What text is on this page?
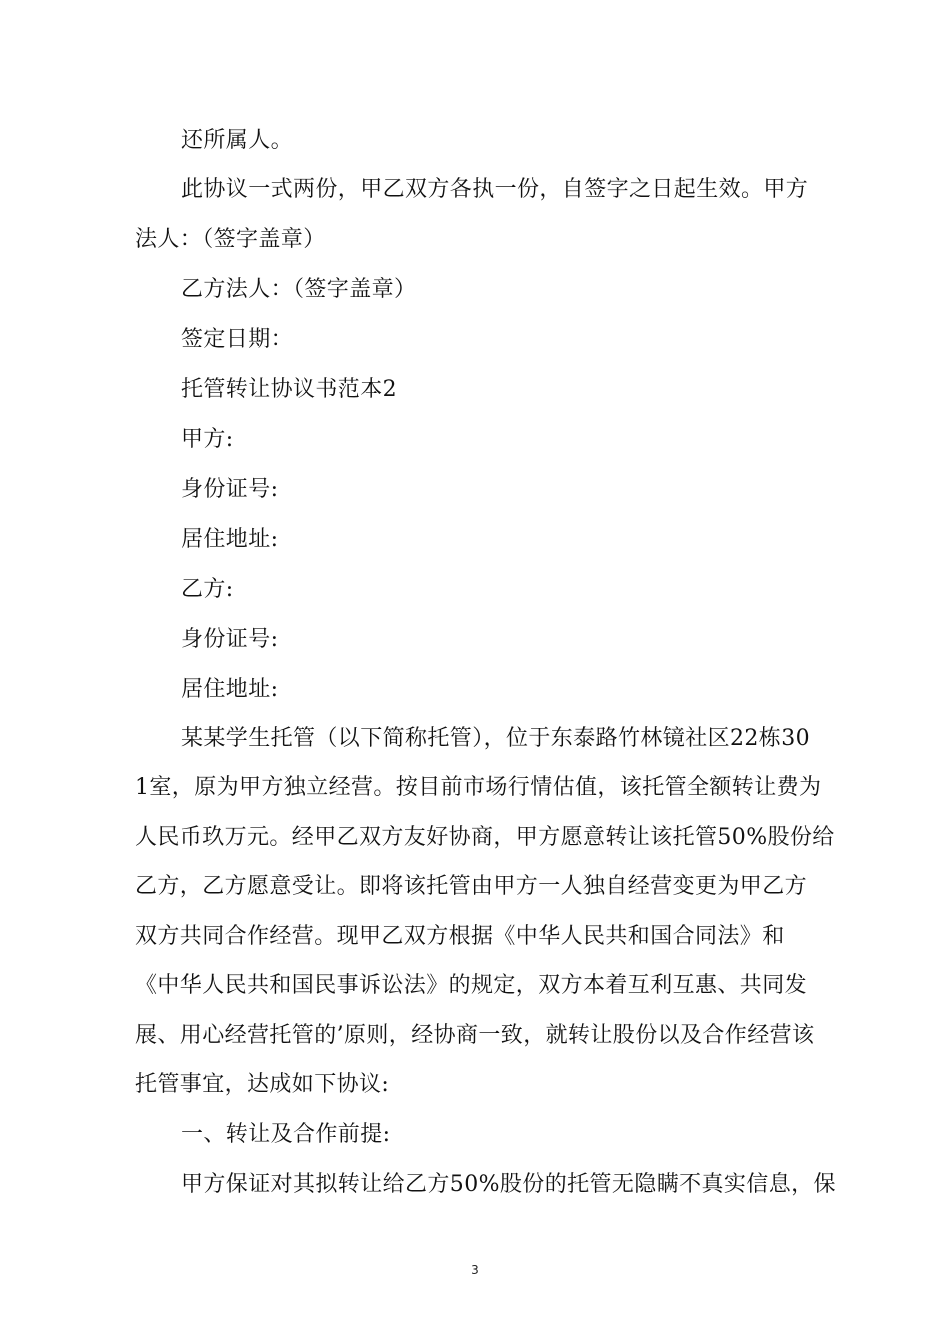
还所属人。
此协议一式两份，甲乙双方各执一份，自签字之日起生效。甲方
法人：（签字盖章）
乙方法人：（签字盖章）
签定日期：
托管转让协议书范本2
甲方:
身份证号:
居住地址:
乙方:
身份证号:
居住地址:
某某学生托管（以下简称托管），位于东泰路竹林镜社区22栋30
1室，原为甲方独立经营。按目前市场行情估值，该托管全额转让费为
人民币玖万元。经甲乙双方友好协商，甲方愿意转让该托管50%股份给
乙方，乙方愿意受让。即将该托管由甲方一人独自经营变更为甲乙方
双方共同合作经营。现甲乙双方根据《中华人民共和国合同法》和
《中华人民共和国民事诉讼法》的规定，双方本着互利互惠、共同发
展、用心经营托管的’原则，经协商一致，就转让股份以及合作经营该
托管事宜，达成如下协议:
一、转让及合作前提:
甲方保证对其拟转让给乙方50%股份的托管无隐瞒不真实信息，保
3
